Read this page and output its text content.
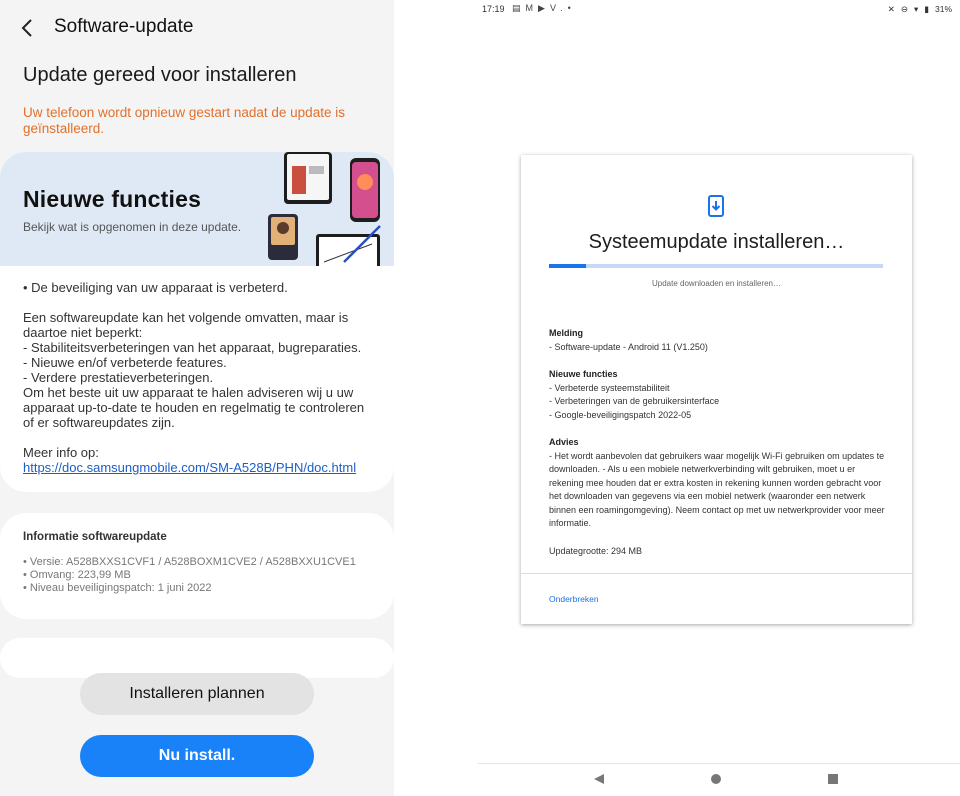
Software-update
Update gereed voor installeren
Uw telefoon wordt opnieuw gestart nadat de update is geïnstalleerd.
Nieuwe functies
Bekijk wat is opgenomen in deze update.

• De beveiliging van uw apparaat is verbeterd.

Een softwareupdate kan het volgende omvatten, maar is daartoe niet beperkt:

- Stabiliteitsverbeteringen van het apparaat, bugreparaties.

- Nieuwe en/of verbeterde features.

- Verdere prestatieverbeteringen.

Om het beste uit uw apparaat te halen adviseren wij u uw apparaat up-to-date te houden en regelmatig te controleren of er softwareupdates zijn.

Meer info op:

https://doc.samsungmobile.com/SM-A528B/PHN/doc.html

Informatie softwareupdate
• Versie: A528BXXS1CVF1 / A528BOXM1CVE2 / A528BXXU1CVE1
• Omvang: 223,99 MB
• Niveau beveiligingspatch: 1 juni 2022
Installeren plannen
Nu install.
17:19 ▤M▶V.•	✕ ⊖ ▾ ▮ 31%
Systeemupdate installeren…
Update downloaden en installeren…
Melding
- Software-update - Android 11 (V1.250)
Nieuwe functies
- Verbeterde systeemstabiliteit
- Verbeteringen van de gebruikersinterface
- Google-beveiligingspatch 2022-05
Advies
- Het wordt aanbevolen dat gebruikers waar mogelijk Wi-Fi gebruiken om updates te downloaden. - Als u een mobiele netwerkverbinding wilt gebruiken, moet u er rekening mee houden dat er extra kosten in rekening kunnen worden gebracht voor het downloaden van gegevens via een mobiel netwerk (waaronder een netwerk binnen een roamingomgeving). Neem contact op met uw netwerkprovider voor meer informatie.
Updategrootte: 294 MB
Onderbreken
